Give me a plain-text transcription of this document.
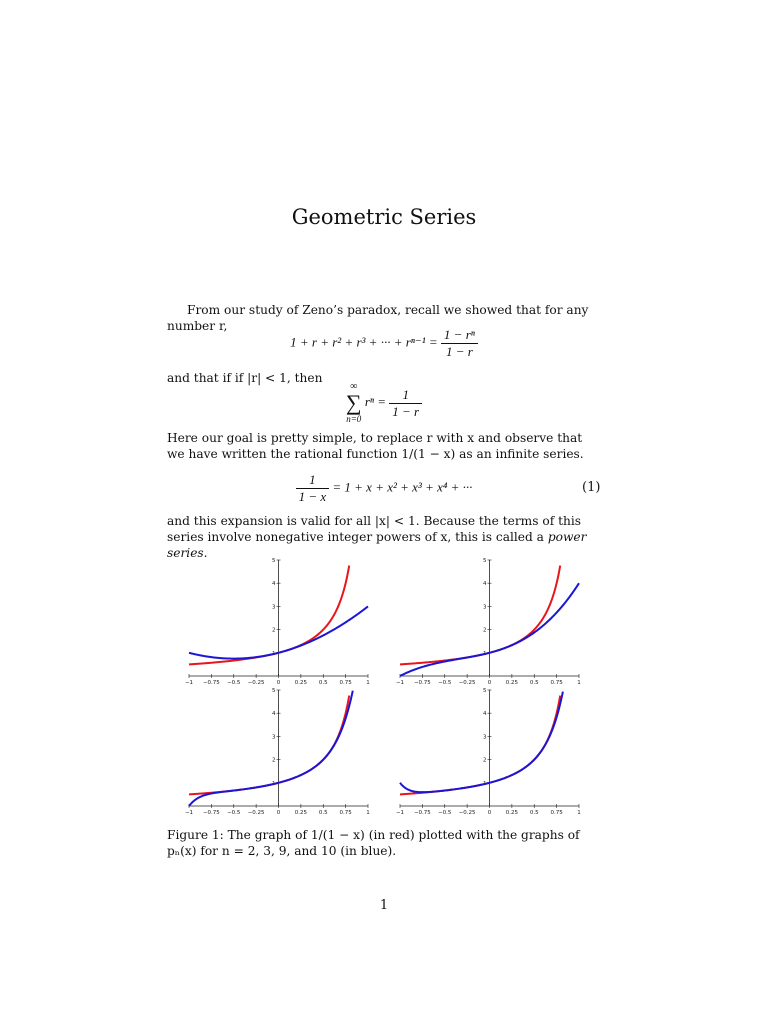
Geometric Series
From our study of Zeno’s paradox, recall we showed that for any number r,
1 + r + r² + r³ + ··· + $r^{n-1} = \frac{\text{1 − rⁿ}}{1 - r}$
and that if if |r| < 1, then
∞
∑
n=0
$r^n = \frac{1}{1 - r}$
Here our goal is pretty simple, to replace r with x and observe that we have written the rational function 1/(1 − x) as an infinite series.
$\frac{1}{1 - x} = 1 + x + x^2 + x^3 + x^4$ + ···	(1)
and this expansion is valid for all |x| < 1. Because the terms of this series involve nonegative integer powers of x, this is called a power series.
−1 −0.75 −0.5 −0.25 0	0.25 0.5 0.75	1
1
2
3
4
5
−1 −0.75 −0.5 −0.25 0	0.25 0.5 0.75	1
1
2
3
4
5
−1 −0.75 −0.5 −0.25 0	0.25 0.5 0.75	1
1
2
3
4
5
−1 −0.75 −0.5 −0.25 0	0.25 0.5 0.75	1
1
2
3
4
5
Figure 1: The graph of 1/(1 − x) (in red) plotted with the graphs of pₙ(x) for n = 2, 3, 9, and 10 (in blue).
1
